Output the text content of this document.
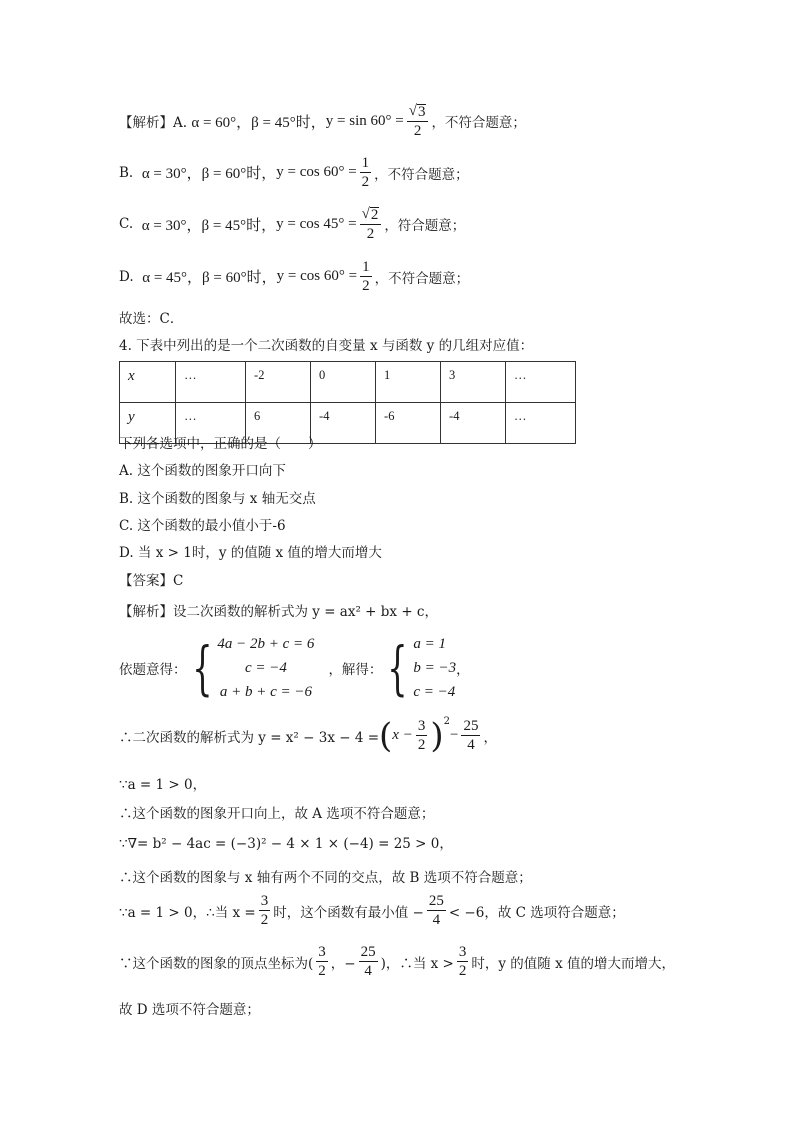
【解析】A.
α = 60°，β = 45°时， $y = \sin 60^\circ = \frac{√ 3}{2}$ ，不符合题意；
B.
α = 30°，β = 60°时， $y = \cos 60^\circ = \frac{1}{2}$ ，不符合题意；
C.
α = 30°，β = 45°时， $y = \cos 45^\circ = \frac{√ 2}{2}$ ，符合题意；
D.
α = 45°，β = 60°时， $y = \cos 60^\circ = \frac{1}{2}$ ，不符合题意；
故选：C．
4. 下表中列出的是一个二次函数的自变量 x 与函数 y 的几组对应值：
x	…	-2	0	1	3	…
y	…	6	-4	-6	-4	…
下列各选项中，正确的是（　　）
A. 这个函数的图象开口向下
B. 这个函数的图象与 x 轴无交点
C. 这个函数的最小值小于-6
D. 当 x > 1时，y 的值随 x 值的增大而增大
【答案】C
【解析】设二次函数的解析式为 y = ax² + bx + c，
依题意得： { 4a − 2b + c = 6
c = −4
a + b + c = −6
，解得： { a = 1
b = −3
c = −4
，
∴二次函数的解析式为 y = x² − 3x − 4 = ( $x - \frac{3}{2} )^2$
− $\frac{25}{4}$ ，
∵a = 1 > 0，
∴这个函数的图象开口向上，故 A 选项不符合题意；
∵∇= b² − 4ac = (−3)² − 4 × 1 × (−4) = 25 > 0，
∴这个函数的图象与 x 轴有两个不同的交点，故 B 选项不符合题意；
∵a = 1 > 0，∴当 $x = \frac{3}{2}$ 时，这个函数有最小值 − $\frac{25}{4} < -6$，故 C 选项符合题意；
∵这个函数的图象的顶点坐标为( $\frac{3}{2}$ ，− $\frac{25}{4}$ )，∴当 $x > \frac{3}{2}$ 时，y 的值随 x 值的增大而增大，
故 D 选项不符合题意；
